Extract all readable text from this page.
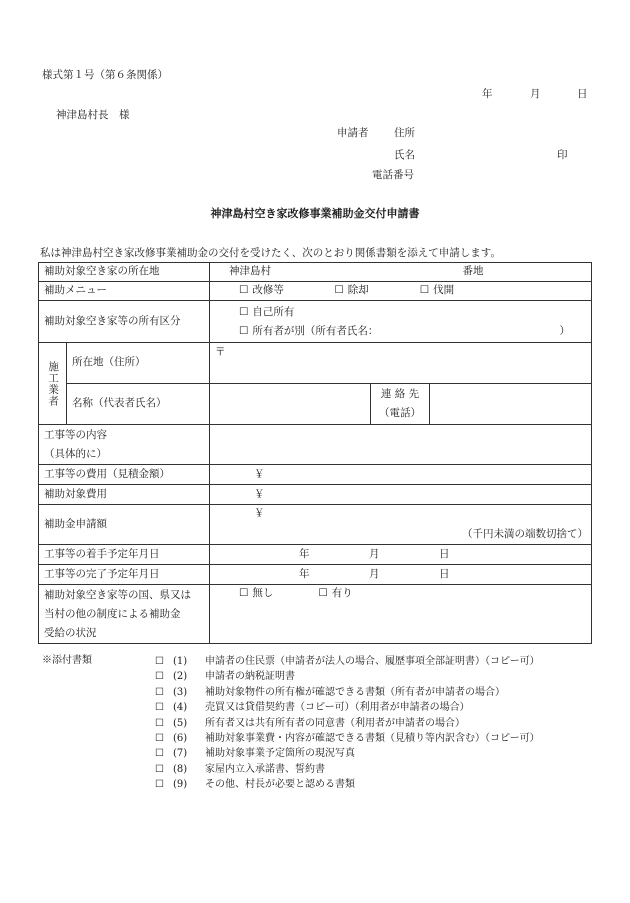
様式第１号（第６条関係）
年	月	日
神津島村長　様
申請者 住所
氏名	印
電話番号
神津島村空き家改修事業補助金交付申請書
私は神津島村空き家改修事業補助金の交付を受けたく、次のとおり関係書類を添えて申請します。
補助対象空き家の所在地		神津島村 番地		

補助メニュー		☐ 改修等 ☐ 除却 ☐ 伐開		
補助対象空き家等の所有区分		☐ 自己所有
☐ 所有者が別（所有者氏名： ）		

施工業者	所在地（住所）	〒		
	名称（代表者氏名）		連 絡 先
（電話）	

工事等の内容
（具体的に）				

工事等の費用（見積金額）		￥		
補助対象費用		￥		
補助金申請額		￥
（千円未満の端数切捨て）		

工事等の着手予定年月日		年 月 日		
工事等の完了予定年月日		年 月 日		

補助対象空き家等の国、県又は
当村の他の制度による補助金
受給の状況		☐ 無し ☐ 有り		
※添付書類	☐	(1)	申請者の住民票（申請者が法人の場合、履歴事項全部証明書）（コピー可）
☐	(2)	申請者の納税証明書
☐	(3)	補助対象物件の所有権が確認できる書類（所有者が申請者の場合）
☐	(4)	売買又は貸借契約書（コピー可）（利用者が申請者の場合）
☐	(5)	所有者又は共有所有者の同意書（利用者が申請者の場合）
☐	(6)	補助対象事業費・内容が確認できる書類（見積り等内訳含む）（コピー可）
☐	(7)	補助対象事業予定箇所の現況写真
☐	(8)	家屋内立入承諾書、誓約書
☐	(9)	その他、村長が必要と認める書類
